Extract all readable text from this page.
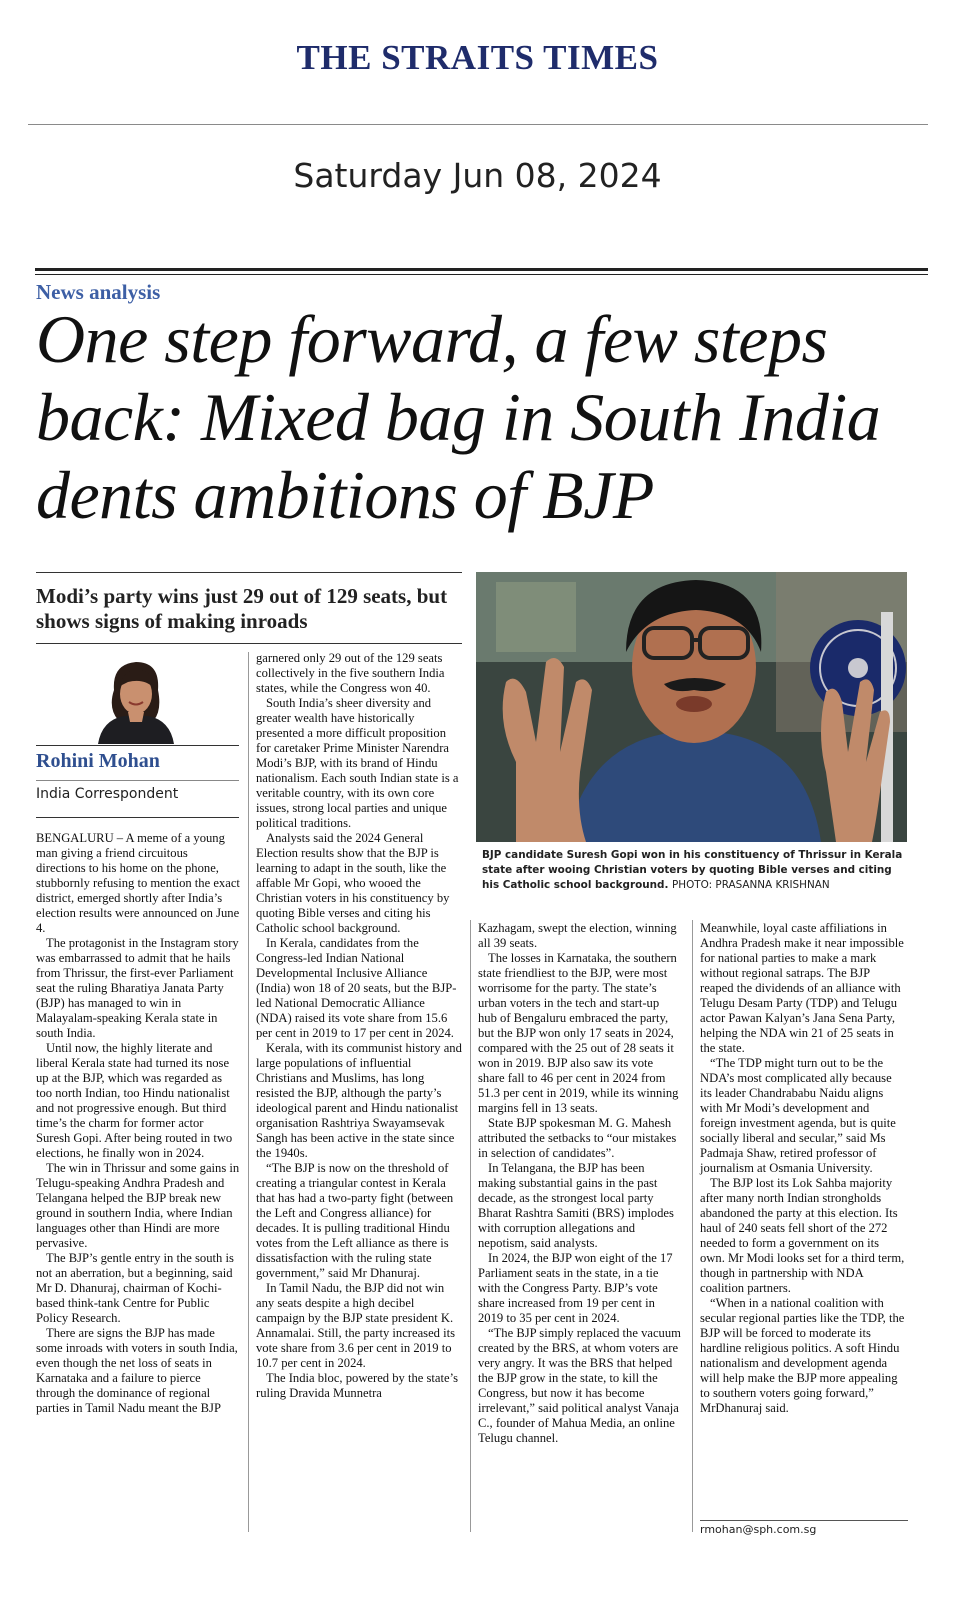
THE STRAITS TIMES
Saturday Jun 08, 2024
News analysis
One step forward, a few steps back: Mixed bag in South India dents ambitions of BJP
Modi’s party wins just 29 out of 129 seats, but shows signs of making inroads
Rohini Mohan
India Correspondent

BENGALURU – A meme of a young man giving a friend circuitous directions to his home on the phone, stubbornly refusing to mention the exact district, emerged shortly after India’s election results were announced on June 4.

The protagonist in the Instagram story was embarrassed to admit that he hails from Thrissur, the first-ever Parliament seat the ruling Bharatiya Janata Party (BJP) has managed to win in Malayalam-speaking Kerala state in south India.

Until now, the highly literate and liberal Kerala state had turned its nose up at the BJP, which was regarded as too north Indian, too Hindu nationalist and not progressive enough. But third time’s the charm for former actor Suresh Gopi. After being routed in two elections, he finally won in 2024.

The win in Thrissur and some gains in Telugu-speaking Andhra Pradesh and Telangana helped the BJP break new ground in southern India, where Indian languages other than Hindi are more pervasive.

The BJP’s gentle entry in the south is not an aberration, but a beginning, said Mr D. Dhanuraj, chairman of Kochi-based think-tank Centre for Public Policy Research.

There are signs the BJP has made some inroads with voters in south India, even though the net loss of seats in Karnataka and a failure to pierce through the dominance of regional parties in Tamil Nadu meant the BJP

garnered only 29 out of the 129 seats collectively in the five southern India states, while the Congress won 40.

South India’s sheer diversity and greater wealth have historically presented a more difficult proposition for caretaker Prime Minister Narendra Modi’s BJP, with its brand of Hindu nationalism. Each south Indian state is a veritable country, with its own core issues, strong local parties and unique political traditions.

Analysts said the 2024 General Election results show that the BJP is learning to adapt in the south, like the affable Mr Gopi, who wooed the Christian voters in his constituency by quoting Bible verses and citing his Catholic school background.

In Kerala, candidates from the Congress-led Indian National Developmental Inclusive Alliance (India) won 18 of 20 seats, but the BJP-led National Democratic Alliance (NDA) raised its vote share from 15.6 per cent in 2019 to 17 per cent in 2024.

Kerala, with its communist history and large populations of influential Christians and Muslims, has long resisted the BJP, although the party’s ideological parent and Hindu nationalist organisation Rashtriya Swayamsevak Sangh has been active in the state since the 1940s.

“The BJP is now on the threshold of creating a triangular contest in Kerala that has had a two-party fight (between the Left and Congress alliance) for decades. It is pulling traditional Hindu votes from the Left alliance as there is dissatisfaction with the ruling state government,” said Mr Dhanuraj.

In Tamil Nadu, the BJP did not win any seats despite a high decibel campaign by the BJP state president K. Annamalai. Still, the party increased its vote share from 3.6 per cent in 2019 to 10.7 per cent in 2024.

The India bloc, powered by the state’s ruling Dravida Munnetra

BJP candidate Suresh Gopi won in his constituency of Thrissur in Kerala state after wooing Christian voters by quoting Bible verses and citing his Catholic school background. PHOTO: PRASANNA KRISHNAN

Kazhagam, swept the election, winning all 39 seats.

The losses in Karnataka, the southern state friendliest to the BJP, were most worrisome for the party. The state’s urban voters in the tech and start-up hub of Bengaluru embraced the party, but the BJP won only 17 seats in 2024, compared with the 25 out of 28 seats it won in 2019. BJP also saw its vote share fall to 46 per cent in 2024 from 51.3 per cent in 2019, while its winning margins fell in 13 seats.

State BJP spokesman M. G. Mahesh attributed the setbacks to “our mistakes in selection of candidates”.

In Telangana, the BJP has been making substantial gains in the past decade, as the strongest local party Bharat Rashtra Samiti (BRS) implodes with corruption allegations and nepotism, said analysts.

In 2024, the BJP won eight of the 17 Parliament seats in the state, in a tie with the Congress Party. BJP’s vote share increased from 19 per cent in 2019 to 35 per cent in 2024.

“The BJP simply replaced the vacuum created by the BRS, at whom voters are very angry. It was the BRS that helped the BJP grow in the state, to kill the Congress, but now it has become irrelevant,” said political analyst Vanaja C., founder of Mahua Media, an online Telugu channel.

Meanwhile, loyal caste affiliations in Andhra Pradesh make it near impossible for national parties to make a mark without regional satraps. The BJP reaped the dividends of an alliance with Telugu Desam Party (TDP) and Telugu actor Pawan Kalyan’s Jana Sena Party, helping the NDA win 21 of 25 seats in the state.

“The TDP might turn out to be the NDA’s most complicated ally because its leader Chandrababu Naidu aligns with Mr Modi’s development and foreign investment agenda, but is quite socially liberal and secular,” said Ms Padmaja Shaw, retired professor of journalism at Osmania University.

The BJP lost its Lok Sahba majority after many north Indian strongholds abandoned the party at this election. Its haul of 240 seats fell short of the 272 needed to form a government on its own. Mr Modi looks set for a third term, though in partnership with NDA coalition partners.

“When in a national coalition with secular regional parties like the TDP, the BJP will be forced to moderate its hardline religious politics. A soft Hindu nationalism and development agenda will help make the BJP more appealing to southern voters going forward,” MrDhanuraj said.

rmohan@sph.com.sg
